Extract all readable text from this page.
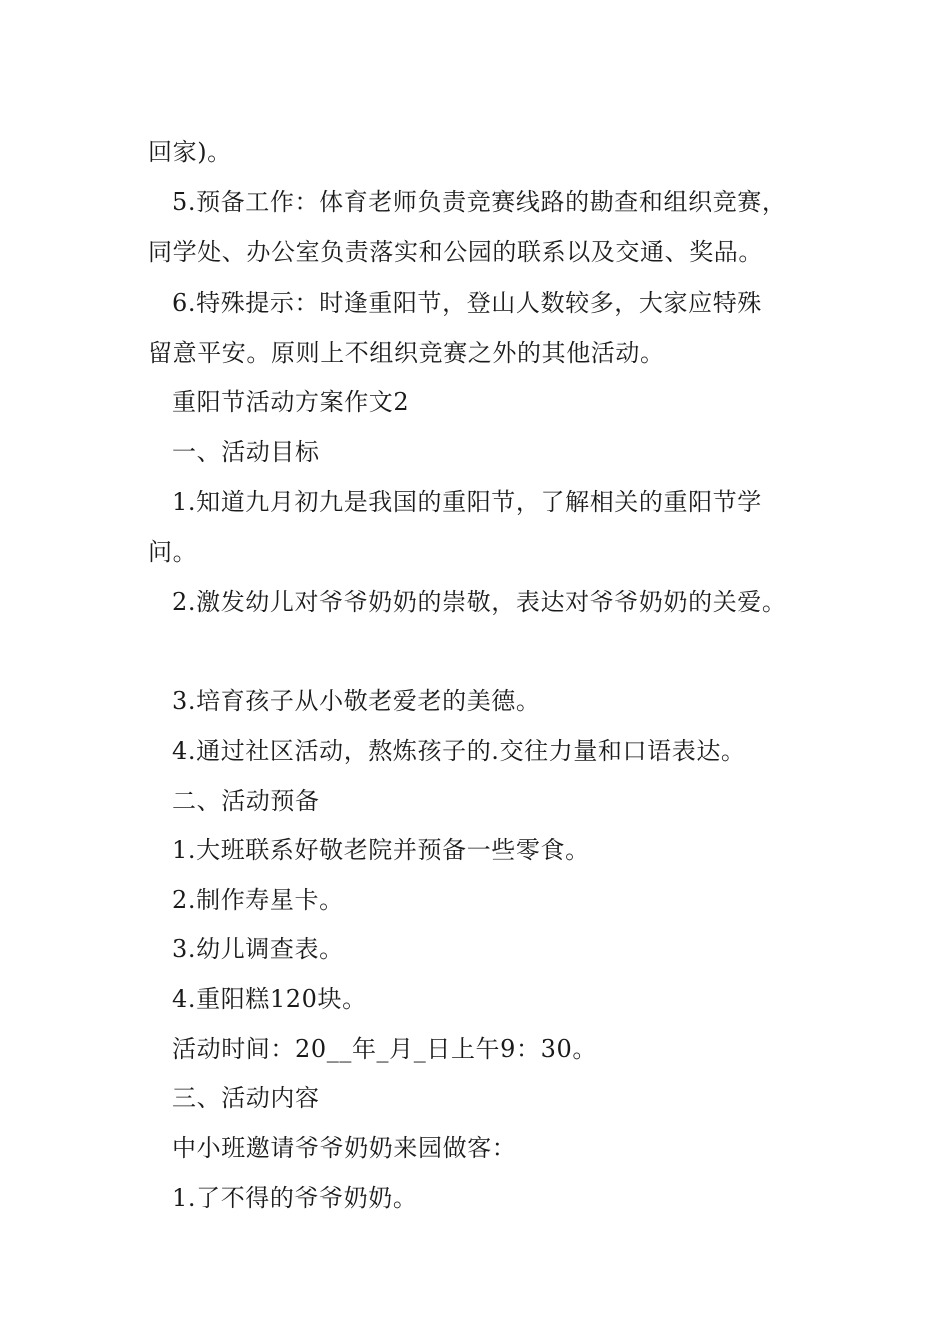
回家)。
5.预备工作：体育老师负责竞赛线路的勘查和组织竞赛，
同学处、办公室负责落实和公园的联系以及交通、奖品。
6.特殊提示：时逢重阳节，登山人数较多，大家应特殊
留意平安。原则上不组织竞赛之外的其他活动。
重阳节活动方案作文2
一、活动目标
1.知道九月初九是我国的重阳节，了解相关的重阳节学
问。
2.激发幼儿对爷爷奶奶的崇敬，表达对爷爷奶奶的关爱。
3.培育孩子从小敬老爱老的美德。
4.通过社区活动，熬炼孩子的.交往力量和口语表达。
二、活动预备
1.大班联系好敬老院并预备一些零食。
2.制作寿星卡。
3.幼儿调查表。
4.重阳糕120块。
活动时间：20__年_月_日上午9：30。
三、活动内容
中小班邀请爷爷奶奶来园做客：
1.了不得的爷爷奶奶。
